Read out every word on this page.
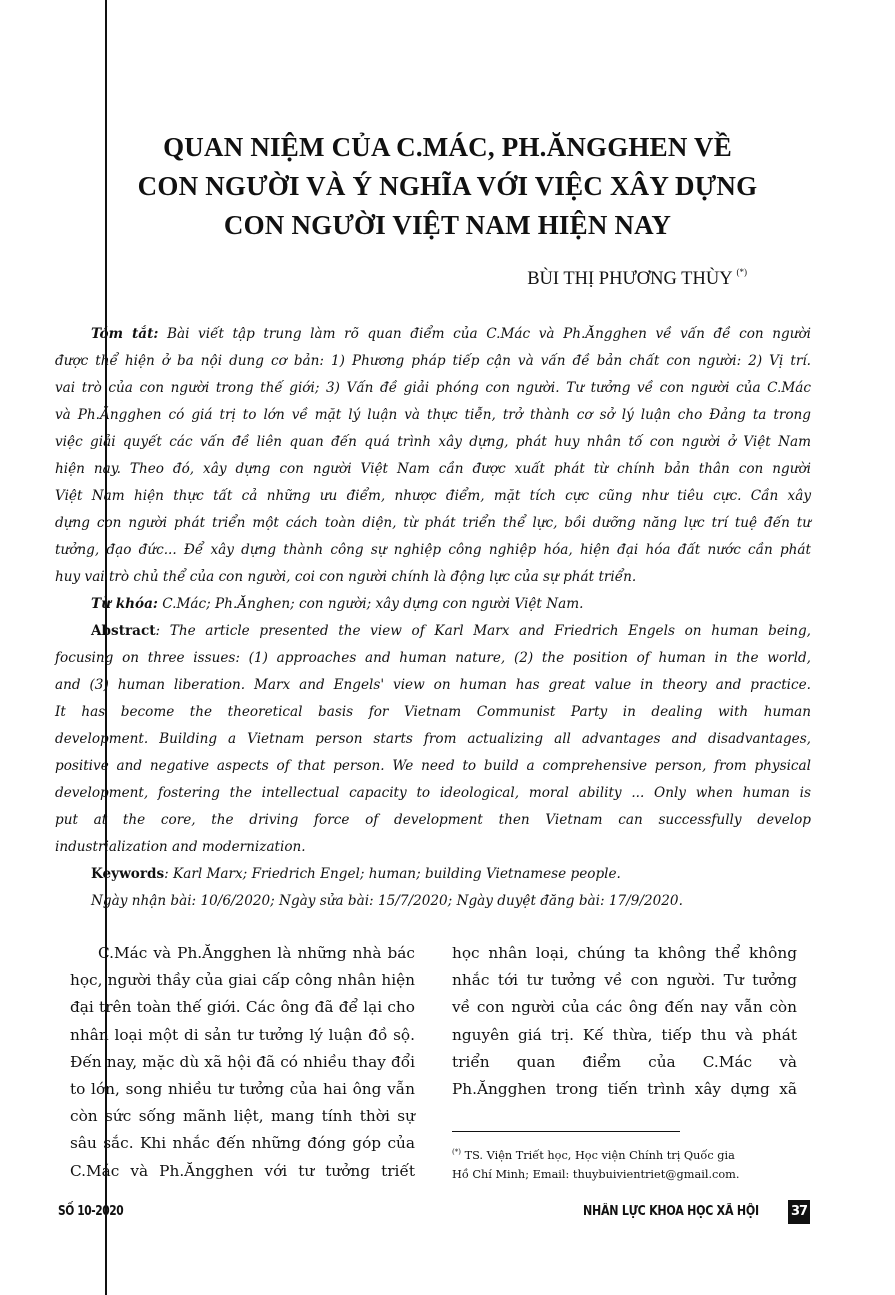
QUAN NIỆM CỦA C.MÁC, PH.ĂNGGHEN VỀ
CON NGƯỜI VÀ Ý NGHĨA VỚI VIỆC XÂY DỰNG
CON NGƯỜI VIỆT NAM HIỆN NAY
BÙI THỊ PHƯƠNG THÙY (*)
Tóm tắt: Bài viết tập trung làm rõ quan điểm của C.Mác và Ph.Ăngghen về vấn đề con người
được thể hiện ở ba nội dung cơ bản: 1) Phương pháp tiếp cận và vấn đề bản chất con người: 2) Vị trí.
vai trò của con người trong thế giới; 3) Vấn đề giải phóng con người. Tư tưởng về con người của C.Mác
và Ph.Ăngghen có giá trị to lớn về mặt lý luận và thực tiễn, trở thành cơ sở lý luận cho Đảng ta trong
việc giải quyết các vấn đề liên quan đến quá trình xây dựng, phát huy nhân tố con người ở Việt Nam
hiện nay. Theo đó, xây dựng con người Việt Nam cần được xuất phát từ chính bản thân con người
Việt Nam hiện thực tất cả những ưu điểm, nhược điểm, mặt tích cực cũng như tiêu cực. Cần xây
dựng con người phát triển một cách toàn diện, từ phát triển thể lực, bồi dưỡng năng lực trí tuệ đến tư
tưởng, đạo đức... Để xây dựng thành công sự nghiệp công nghiệp hóa, hiện đại hóa đất nước cần phát
huy vai trò chủ thể của con người, coi con người chính là động lực của sự phát triển.
Từ khóa: C.Mác; Ph.Ănghen; con người; xây dựng con người Việt Nam.
Abstract: The article presented the view of Karl Marx and Friedrich Engels on human being,
focusing on three issues: (1) approaches and human nature, (2) the position of human in the world,
and (3) human liberation. Marx and Engels' view on human has great value in theory and practice.
It has become the theoretical basis for Vietnam Communist Party in dealing with human
development. Building a Vietnam person starts from actualizing all advantages and disadvantages,
positive and negative aspects of that person. We need to build a comprehensive person, from physical
development, fostering the intellectual capacity to ideological, moral ability ... Only when human is
put at the core, the driving force of development then Vietnam can successfully develop
industrialization and modernization.
Keywords: Karl Marx; Friedrich Engel; human; building Vietnamese people.
Ngày nhận bài: 10/6/2020; Ngày sửa bài: 15/7/2020; Ngày duyệt đăng bài: 17/9/2020.
C.Mác và Ph.Ăngghen là những nhà bác
học, người thầy của giai cấp công nhân hiện
đại trên toàn thế giới. Các ông đã để lại cho
nhân loại một di sản tư tưởng lý luận đồ sộ.
Đến nay, mặc dù xã hội đã có nhiều thay đổi
to lớn, song nhiều tư tưởng của hai ông vẫn
còn sức sống mãnh liệt, mang tính thời sự
sâu sắc. Khi nhắc đến những đóng góp của
C.Mác và Ph.Ăngghen với tư tưởng triết
học nhân loại, chúng ta không thể không
nhắc tới tư tưởng về con người. Tư tưởng
về con người của các ông đến nay vẫn còn
nguyên giá trị. Kế thừa, tiếp thu và phát
triển quan điểm của C.Mác và
Ph.Ăngghen trong tiến trình xây dựng xã
(*) TS. Viện Triết học, Học viện Chính trị Quốc gia
Hồ Chí Minh; Email: thuybuivientriet@gmail.com.
SỐ 10-2020	NHÂN LỰC KHOA HỌC XÃ HỘI 37
